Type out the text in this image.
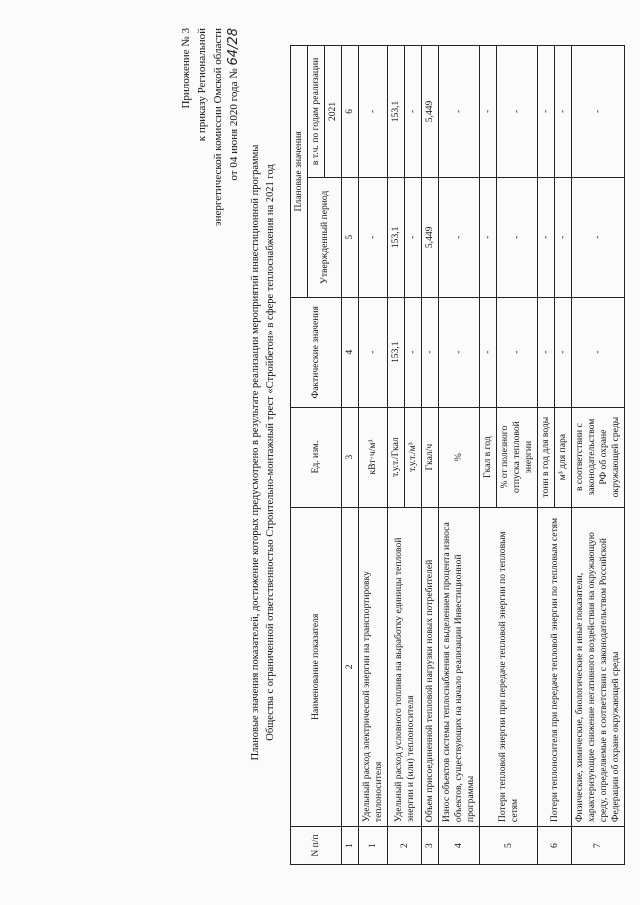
Приложение № 3 к приказу Региональной энергетической комиссии Омской области от 04 июня 2020 года № 64/28
Плановые значения показателей, достижение которых предусмотрено в результате реализации мероприятий инвестиционной программы Общества с ограниченной ответственностью Строительно-монтажный трест «Стройбетон» в сфере теплоснабжения на 2021 год
N п/п	Наименование показателя	Ед. изм.	Фактические значения	Плановые значения	
				Утвержденный период	в т.ч. по годам реализации
					2021
1	2	3	4	5	6
1	Удельный расход электрической энергии на транспортировку теплоносителя	кВт·ч/м³	-	-	-
2	Удельный расход условного топлива на выработку единицы тепловой энергии и (или) теплоносителя	т.у.т./Гкал	153,1	153,1	153,1
		т.у.т./м³	-	-	-
3	Объем присоединенной тепловой нагрузки новых потребителей	Гкал/ч	-	5,449	5,449
4	Износ объектов системы теплоснабжения с выделением процента износа объектов, существующих на начало реализации Инвестиционной программы	%	-	-	-
5	Потери тепловой энергии при передаче тепловой энергии по тепловым сетям	Гкал в год	-	-	-
		% от полезного отпуска тепловой энергии	-	-	-
6	Потери теплоносителя при передаче тепловой энергии по тепловым сетям	тонн в год для воды	-	-	-
		м³ для пара	-	-	-
7	Физические, химические, биологические и иные показатели, характеризующие снижение негативного воздействия на окружающую среду, определяемые в соответствии с законодательством Российской Федерации об охране окружающей среды	в соответствии с законодательством РФ об охране окружающей среды	-	-	-
